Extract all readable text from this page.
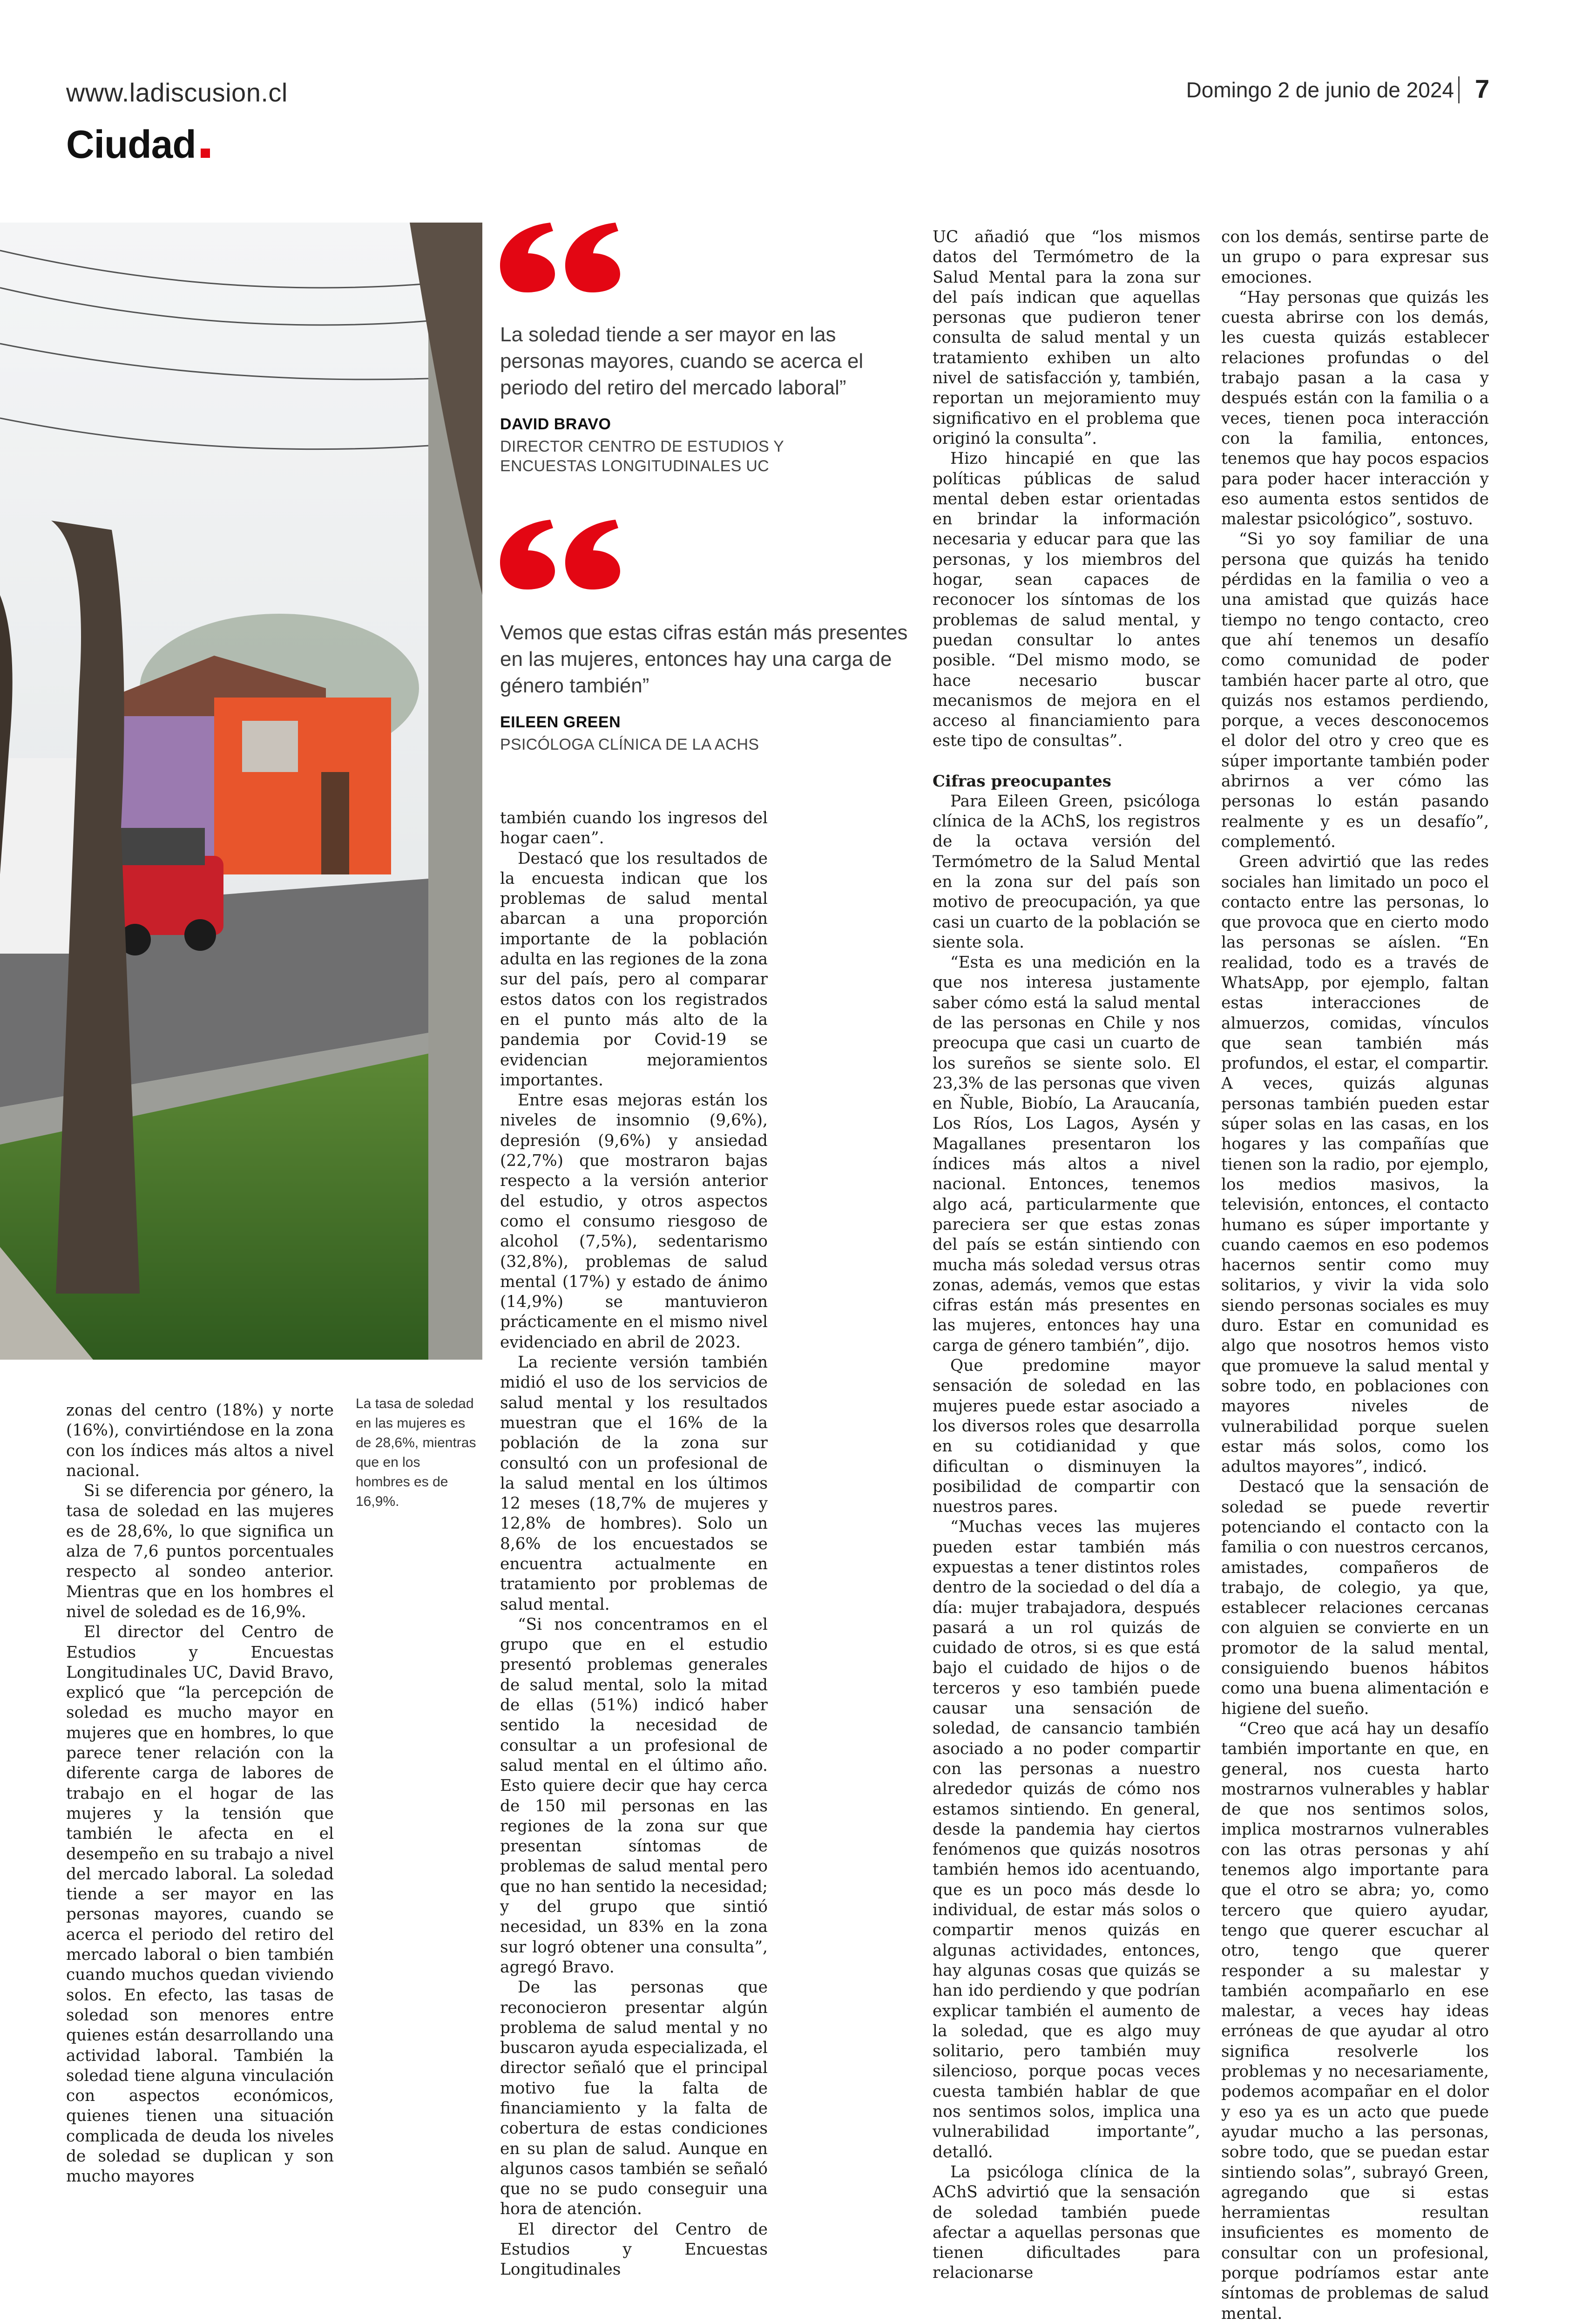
www.ladiscusion.cl	Domingo 2 de junio de 2024 7
Ciudad
La tasa de soledad en las mujeres es de 28,6%, mientras que en los hombres es de 16,9%.
La soledad tiende a ser mayor en las personas mayores, cuando se acerca el periodo del retiro del mercado laboral”
DAVID BRAVO
DIRECTOR CENTRO DE ESTUDIOS Y ENCUESTAS LONGITUDINALES UC
Vemos que estas cifras están más presentes en las mujeres, entonces hay una carga de género también”
EILEEN GREEN
PSICÓLOGA CLÍNICA DE LA ACHS

zonas del centro (18%) y norte (16%), convirtiéndose en la zona con los índices más altos a nivel nacional.

Si se diferencia por género, la tasa de soledad en las mujeres es de 28,6%, lo que significa un alza de 7,6 puntos porcentuales respecto al sondeo anterior. Mientras que en los hombres el nivel de soledad es de 16,9%.

El director del Centro de Estudios y Encuestas Longitudinales UC, David Bravo, explicó que “la percepción de soledad es mucho mayor en mujeres que en hombres, lo que parece tener relación con la diferente carga de labores de trabajo en el hogar de las mujeres y la tensión que también le afecta en el desempeño en su trabajo a nivel del mercado laboral. La soledad tiende a ser mayor en las personas mayores, cuando se acerca el periodo del retiro del mercado laboral o bien también cuando muchos quedan viviendo solos. En efecto, las tasas de soledad son menores entre quienes están desarrollando una actividad laboral. También la soledad tiene alguna vinculación con aspectos económicos, quienes tienen una situación complicada de deuda los niveles de soledad se duplican y son mucho mayores

también cuando los ingresos del hogar caen”.

Destacó que los resultados de la encuesta indican que los problemas de salud mental abarcan a una proporción importante de la población adulta en las regiones de la zona sur del país, pero al comparar estos datos con los registrados en el punto más alto de la pandemia por Covid-19 se evidencian mejoramientos importantes.

Entre esas mejoras están los niveles de insomnio (9,6%), depresión (9,6%) y ansiedad (22,7%) que mostraron bajas respecto a la versión anterior del estudio, y otros aspectos como el consumo riesgoso de alcohol (7,5%), sedentarismo (32,8%), problemas de salud mental (17%) y estado de ánimo (14,9%) se mantuvieron prácticamente en el mismo nivel evidenciado en abril de 2023.

La reciente versión también midió el uso de los servicios de salud mental y los resultados muestran que el 16% de la población de la zona sur consultó con un profesional de la salud mental en los últimos 12 meses (18,7% de mujeres y 12,8% de hombres). Solo un 8,6% de los encuestados se encuentra actualmente en tratamiento por problemas de salud mental.

“Si nos concentramos en el grupo que en el estudio presentó problemas generales de salud mental, solo la mitad de ellas (51%) indicó haber sentido la necesidad de consultar a un profesional de salud mental en el último año. Esto quiere decir que hay cerca de 150 mil personas en las regiones de la zona sur que presentan síntomas de problemas de salud mental pero que no han sentido la necesidad; y del grupo que sintió necesidad, un 83% en la zona sur logró obtener una consulta”, agregó Bravo.

De las personas que reconocieron presentar algún problema de salud mental y no buscaron ayuda especializada, el director señaló que el principal motivo fue la falta de financiamiento y la falta de cobertura de estas condiciones en su plan de salud. Aunque en algunos casos también se señaló que no se pudo conseguir una hora de atención.

El director del Centro de Estudios y Encuestas Longitudinales

UC añadió que “los mismos datos del Termómetro de la Salud Mental para la zona sur del país indican que aquellas personas que pudieron tener consulta de salud mental y un tratamiento exhiben un alto nivel de satisfacción y, también, reportan un mejoramiento muy significativo en el problema que originó la consulta”.

Hizo hincapié en que las políticas públicas de salud mental deben estar orientadas en brindar la información necesaria y educar para que las personas, y los miembros del hogar, sean capaces de reconocer los síntomas de los problemas de salud mental, y puedan consultar lo antes posible. “Del mismo modo, se hace necesario buscar mecanismos de mejora en el acceso al financiamiento para este tipo de consultas”.

Cifras preocupantes

Para Eileen Green, psicóloga clínica de la AChS, los registros de la octava versión del Termómetro de la Salud Mental en la zona sur del país son motivo de preocupación, ya que casi un cuarto de la población se siente sola.

“Esta es una medición en la que nos interesa justamente saber cómo está la salud mental de las personas en Chile y nos preocupa que casi un cuarto de los sureños se siente solo. El 23,3% de las personas que viven en Ñuble, Biobío, La Araucanía, Los Ríos, Los Lagos, Aysén y Magallanes presentaron los índices más altos a nivel nacional. Entonces, tenemos algo acá, particularmente que pareciera ser que estas zonas del país se están sintiendo con mucha más soledad versus otras zonas, además, vemos que estas cifras están más presentes en las mujeres, entonces hay una carga de género también”, dijo.

Que predomine mayor sensación de soledad en las mujeres puede estar asociado a los diversos roles que desarrolla en su cotidianidad y que dificultan o disminuyen la posibilidad de compartir con nuestros pares.

“Muchas veces las mujeres pueden estar también más expuestas a tener distintos roles dentro de la sociedad o del día a día: mujer trabajadora, después pasará a un rol quizás de cuidado de otros, si es que está bajo el cuidado de hijos o de terceros y eso también puede causar una sensación de soledad, de cansancio también asociado a no poder compartir con las personas a nuestro alrededor quizás de cómo nos estamos sintiendo. En general, desde la pandemia hay ciertos fenómenos que quizás nosotros también hemos ido acentuando, que es un poco más desde lo individual, de estar más solos o compartir menos quizás en algunas actividades, entonces, hay algunas cosas que quizás se han ido perdiendo y que podrían explicar también el aumento de la soledad, que es algo muy solitario, pero también muy silencioso, porque pocas veces cuesta también hablar de que nos sentimos solos, implica una vulnerabilidad importante”, detalló.

La psicóloga clínica de la AChS advirtió que la sensación de soledad también puede afectar a aquellas personas que tienen dificultades para relacionarse

con los demás, sentirse parte de un grupo o para expresar sus emociones.

“Hay personas que quizás les cuesta abrirse con los demás, les cuesta quizás establecer relaciones profundas o del trabajo pasan a la casa y después están con la familia o a veces, tienen poca interacción con la familia, entonces, tenemos que hay pocos espacios para poder hacer interacción y eso aumenta estos sentidos de malestar psicológico”, sostuvo.

“Si yo soy familiar de una persona que quizás ha tenido pérdidas en la familia o veo a una amistad que quizás hace tiempo no tengo contacto, creo que ahí tenemos un desafío como comunidad de poder también hacer parte al otro, que quizás nos estamos perdiendo, porque, a veces desconocemos el dolor del otro y creo que es súper importante también poder abrirnos a ver cómo las personas lo están pasando realmente y es un desafío”, complementó.

Green advirtió que las redes sociales han limitado un poco el contacto entre las personas, lo que provoca que en cierto modo las personas se aíslen. “En realidad, todo es a través de WhatsApp, por ejemplo, faltan estas interacciones de almuerzos, comidas, vínculos que sean también más profundos, el estar, el compartir. A veces, quizás algunas personas también pueden estar súper solas en las casas, en los hogares y las compañías que tienen son la radio, por ejemplo, los medios masivos, la televisión, entonces, el contacto humano es súper importante y cuando caemos en eso podemos hacernos sentir como muy solitarios, y vivir la vida solo siendo personas sociales es muy duro. Estar en comunidad es algo que nosotros hemos visto que promueve la salud mental y sobre todo, en poblaciones con mayores niveles de vulnerabilidad porque suelen estar más solos, como los adultos mayores”, indicó.

Destacó que la sensación de soledad se puede revertir potenciando el contacto con la familia o con nuestros cercanos, amistades, compañeros de trabajo, de colegio, ya que, establecer relaciones cercanas con alguien se convierte en un promotor de la salud mental, consiguiendo buenos hábitos como una buena alimentación e higiene del sueño.

“Creo que acá hay un desafío también importante en que, en general, nos cuesta harto mostrarnos vulnerables y hablar de que nos sentimos solos, implica mostrarnos vulnerables con las otras personas y ahí tenemos algo importante para que el otro se abra; yo, como tercero que quiero ayudar, tengo que querer escuchar al otro, tengo que querer responder a su malestar y también acompañarlo en ese malestar, a veces hay ideas erróneas de que ayudar al otro significa resolverle los problemas y no necesariamente, podemos acompañar en el dolor y eso ya es un acto que puede ayudar mucho a las personas, sobre todo, que se puedan estar sintiendo solas”, subrayó Green, agregando que si estas herramientas resultan insuficientes es momento de consultar con un profesional, porque podríamos estar ante síntomas de problemas de salud mental.
